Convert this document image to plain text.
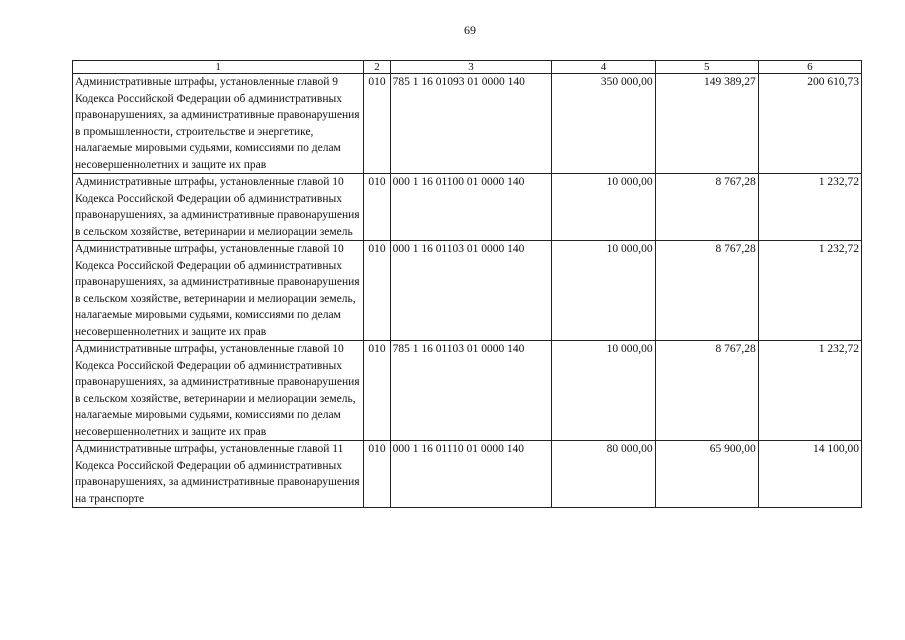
69
1	2	3	4	5	6
Административные штрафы, установленные главой 9 Кодекса Российской Федерации об административных правонарушениях, за административные правонарушения в промышленности, строительстве и энергетике, налагаемые мировыми судьями, комиссиями по делам несовершеннолетних и защите их прав	010	785 1 16 01093 01 0000 140	350 000,00	149 389,27	200 610,73
Административные штрафы, установленные главой 10 Кодекса Российской Федерации об административных правонарушениях, за административные правонарушения в сельском хозяйстве, ветеринарии и мелиорации земель	010	000 1 16 01100 01 0000 140	10 000,00	8 767,28	1 232,72
Административные штрафы, установленные главой 10 Кодекса Российской Федерации об административных правонарушениях, за административные правонарушения в сельском хозяйстве, ветеринарии и мелиорации земель, налагаемые мировыми судьями, комиссиями по делам несовершеннолетних и защите их прав	010	000 1 16 01103 01 0000 140	10 000,00	8 767,28	1 232,72
Административные штрафы, установленные главой 10 Кодекса Российской Федерации об административных правонарушениях, за административные правонарушения в сельском хозяйстве, ветеринарии и мелиорации земель, налагаемые мировыми судьями, комиссиями по делам несовершеннолетних и защите их прав	010	785 1 16 01103 01 0000 140	10 000,00	8 767,28	1 232,72
Административные штрафы, установленные главой 11 Кодекса Российской Федерации об административных правонарушениях, за административные правонарушения на транспорте	010	000 1 16 01110 01 0000 140	80 000,00	65 900,00	14 100,00
